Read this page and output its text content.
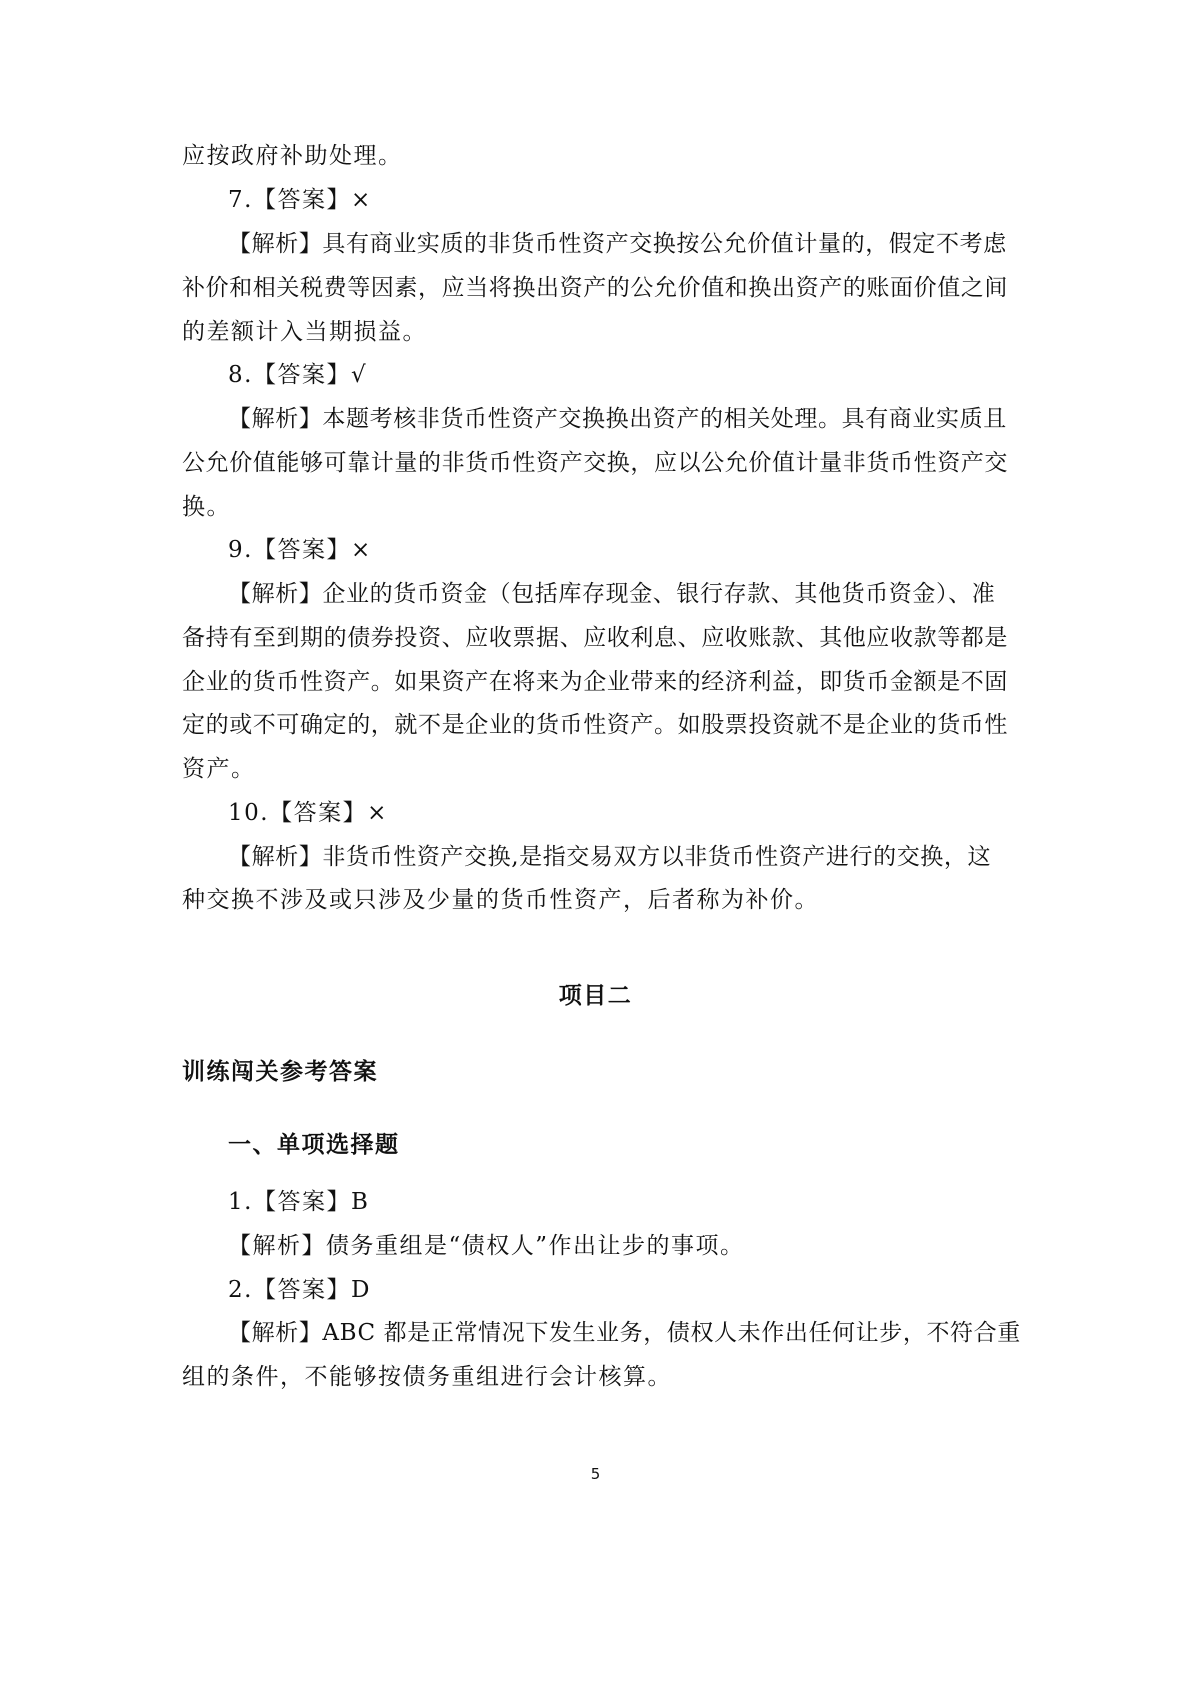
应按政府补助处理。
7.【答案】×
【解析】具有商业实质的非货币性资产交换按公允价值计量的，假定不考虑
补价和相关税费等因素，应当将换出资产的公允价值和换出资产的账面价值之间
的差额计入当期损益。
8.【答案】√
【解析】本题考核非货币性资产交换换出资产的相关处理。具有商业实质且
公允价值能够可靠计量的非货币性资产交换，应以公允价值计量非货币性资产交
换。
9.【答案】×
【解析】企业的货币资金（包括库存现金、银行存款、其他货币资金）、准
备持有至到期的债券投资、应收票据、应收利息、应收账款、其他应收款等都是
企业的货币性资产。如果资产在将来为企业带来的经济利益，即货币金额是不固
定的或不可确定的，就不是企业的货币性资产。如股票投资就不是企业的货币性
资产。
10.【答案】×
【解析】非货币性资产交换,是指交易双方以非货币性资产进行的交换，这
种交换不涉及或只涉及少量的货币性资产，后者称为补价。
项目二
训练闯关参考答案
一、单项选择题
1.【答案】B
【解析】债务重组是“债权人”作出让步的事项。
2.【答案】D
【解析】ABC 都是正常情况下发生业务，债权人未作出任何让步，不符合重
组的条件，不能够按债务重组进行会计核算。
5
